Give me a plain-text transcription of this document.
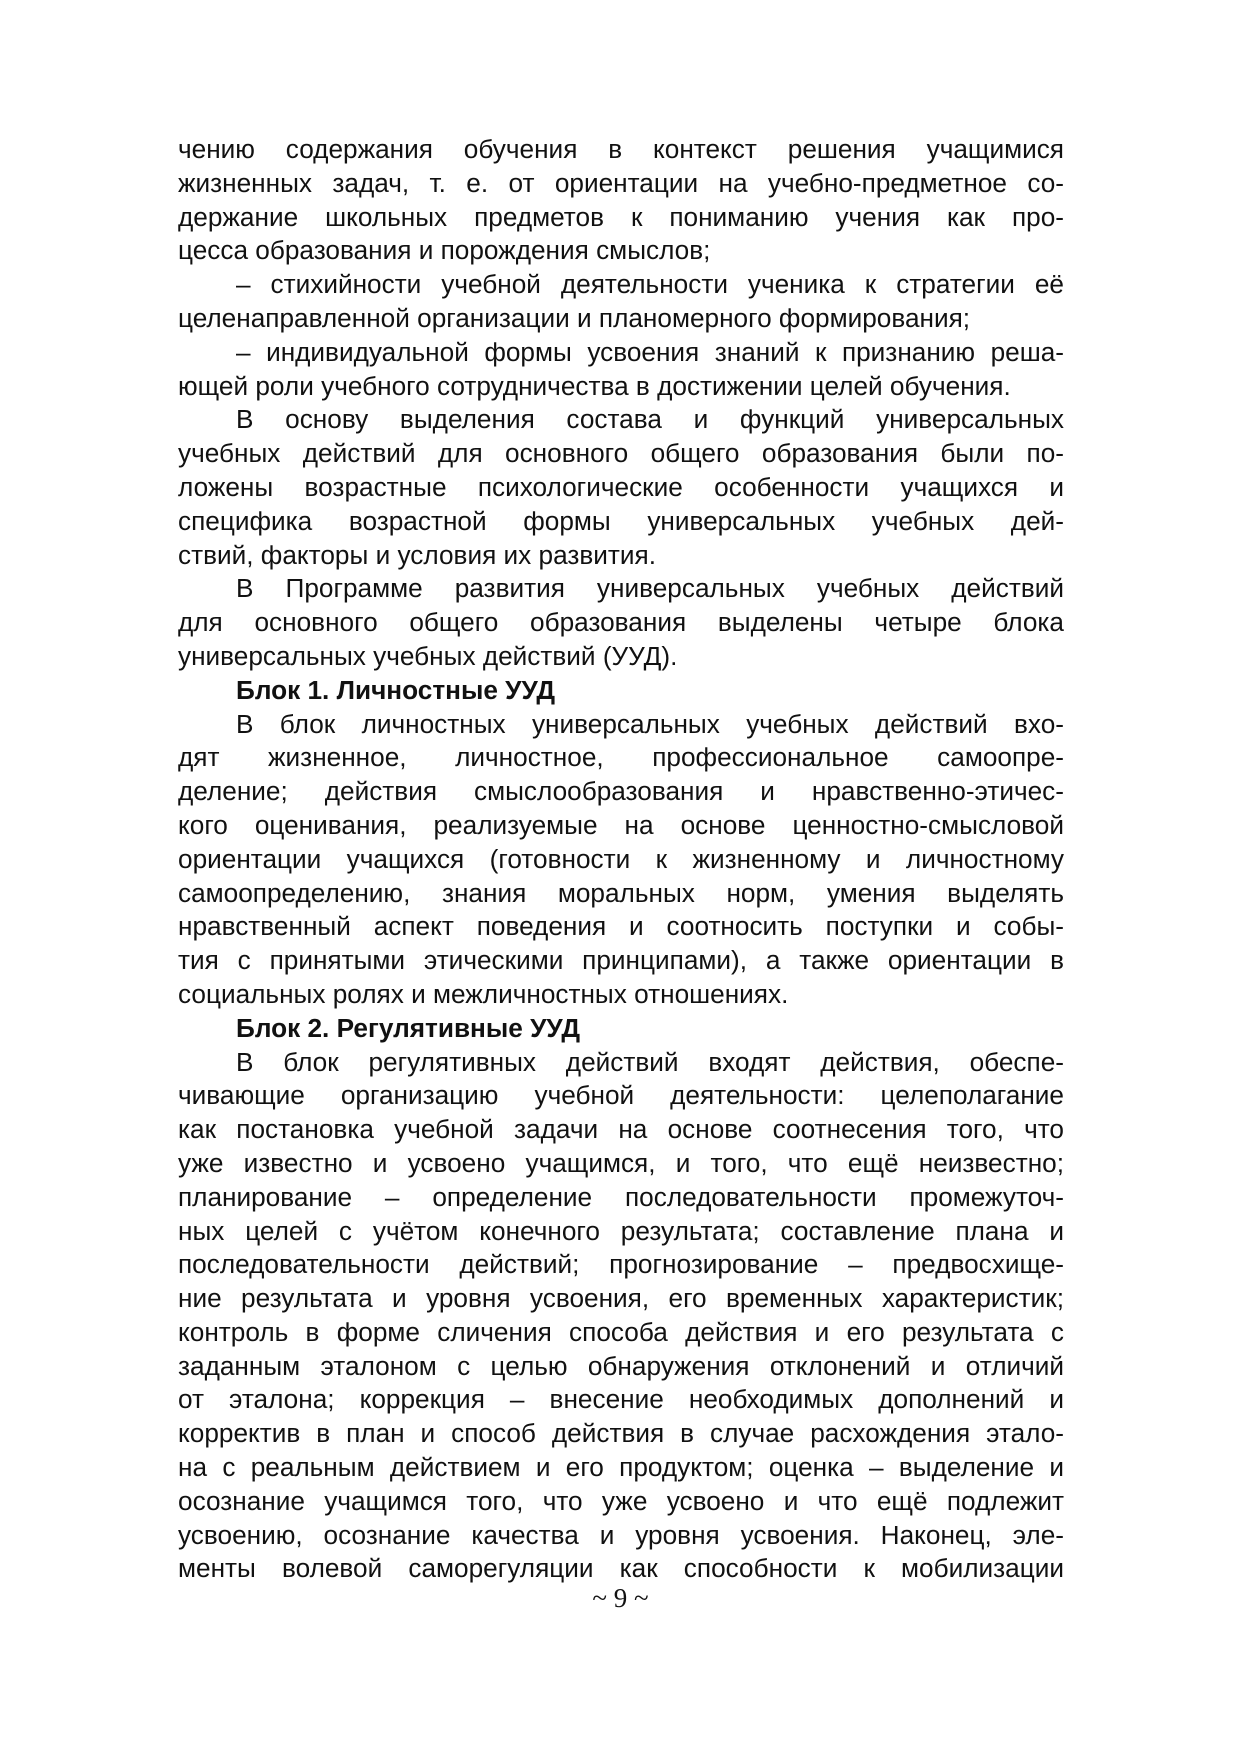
чению содержания обучения в контекст решения учащимися
жизненных задач, т. е. от ориентации на учебно-предметное со-
держание школьных предметов к пониманию учения как про-
цесса образования и порождения смыслов;

– стихийности учебной деятельности ученика к стратегии её
целенаправленной организации и планомерного формирования;

– индивидуальной формы усвоения знаний к признанию реша-
ющей роли учебного сотрудничества в достижении целей обучения.

В основу выделения состава и функций универсальных
учебных действий для основного общего образования были по-
ложены возрастные психологические особенности учащихся и
специфика возрастной формы универсальных учебных дей-
ствий, факторы и условия их развития.

В Программе развития универсальных учебных действий
для основного общего образования выделены четыре блока
универсальных учебных действий (УУД).

Блок 1. Личностные УУД

В блок личностных универсальных учебных действий вхо-
дят жизненное, личностное, профессиональное самоопре-
деление; действия смыслообразования и нравственно-этичес-
кого оценивания, реализуемые на основе ценностно-смысловой
ориентации учащихся (готовности к жизненному и личностному
самоопределению, знания моральных норм, умения выделять
нравственный аспект поведения и соотносить поступки и собы-
тия с принятыми этическими принципами), а также ориентации в
социальных ролях и межличностных отношениях.

Блок 2. Регулятивные УУД

В блок регулятивных действий входят действия, обеспе-
чивающие организацию учебной деятельности: целеполагание
как постановка учебной задачи на основе соотнесения того, что
уже известно и усвоено учащимся, и того, что ещё неизвестно;
планирование – определение последовательности промежуточ-
ных целей с учётом конечного результата; составление плана и
последовательности действий; прогнозирование – предвосхище-
ние результата и уровня усвоения, его временных характеристик;
контроль в форме сличения способа действия и его результата с
заданным эталоном с целью обнаружения отклонений и отличий
от эталона; коррекция – внесение необходимых дополнений и
корректив в план и способ действия в случае расхождения этало-
на с реальным действием и его продуктом; оценка – выделение и
осознание учащимся того, что уже усвоено и что ещё подлежит
усвоению, осознание качества и уровня усвоения. Наконец, эле-
менты волевой саморегуляции как способности к мобилизации

~ 9 ~
